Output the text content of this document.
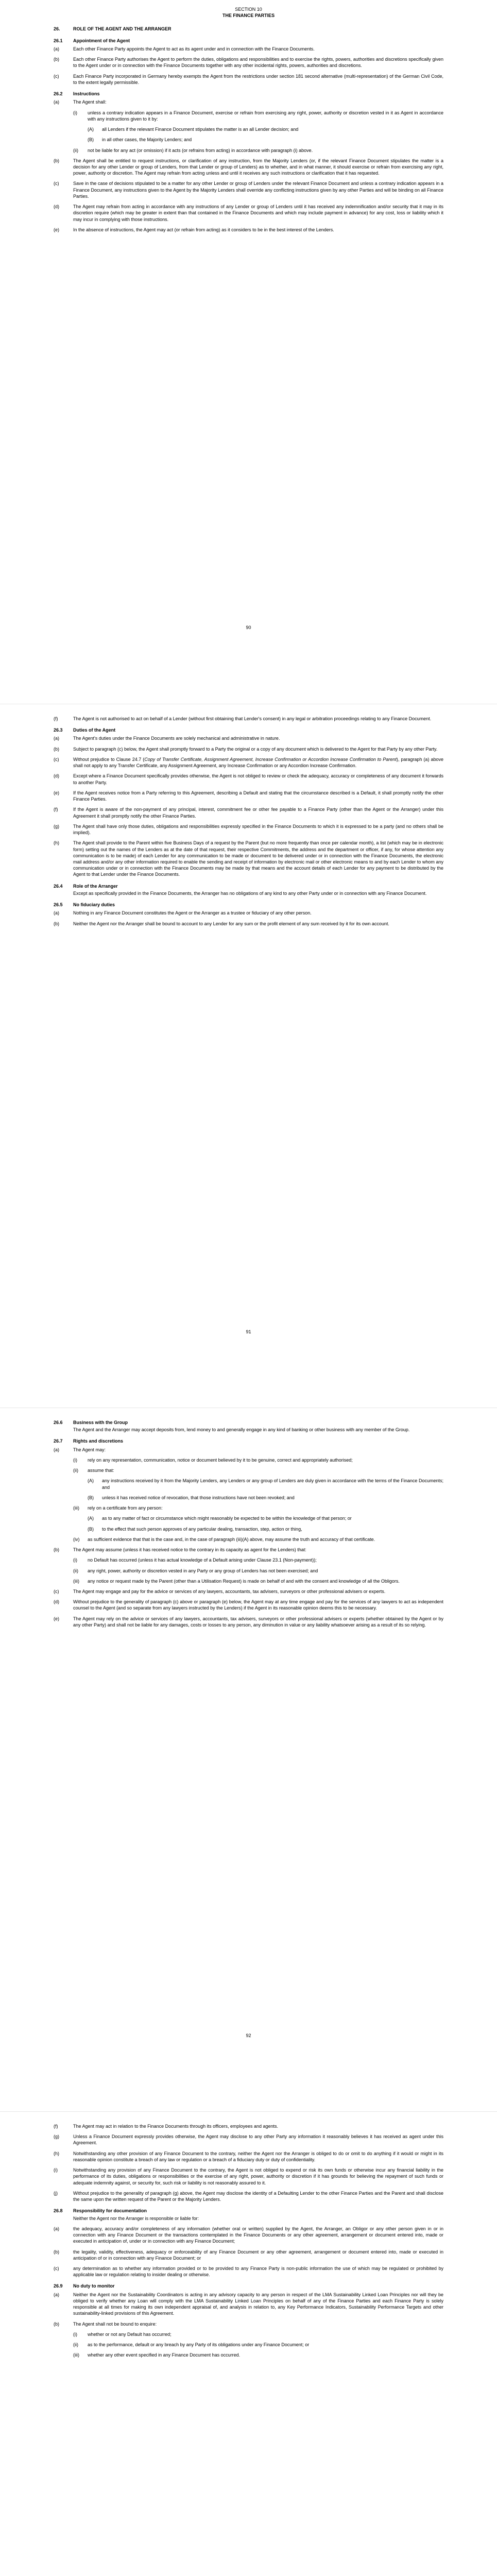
SECTION 10

THE FINANCE PARTIES

26.	ROLE OF THE AGENT AND THE ARRANGER
26.1	Appointment of the Agent
(a)	Each other Finance Party appoints the Agent to act as its agent under and in connection with the Finance Documents.
(b)	Each other Finance Party authorises the Agent to perform the duties, obligations and responsibilities and to exercise the rights, powers, authorities and discretions specifically given to the Agent under or in connection with the Finance Documents together with any other incidental rights, powers, authorities and discretions.
(c)	Each Finance Party incorporated in Germany hereby exempts the Agent from the restrictions under section 181 second alternative (multi-representation) of the German Civil Code, to the extent legally permissible.
26.2	Instructions
(a)	The Agent shall:
(i)	unless a contrary indication appears in a Finance Document, exercise or refrain from exercising any right, power, authority or discretion vested in it as Agent in accordance with any instructions given to it by:
(A)	all Lenders if the relevant Finance Document stipulates the matter is an all Lender decision; and
(B)	in all other cases, the Majority Lenders; and
(ii)	not be liable for any act (or omission) if it acts (or refrains from acting) in accordance with paragraph (i) above.
(b)	The Agent shall be entitled to request instructions, or clarification of any instruction, from the Majority Lenders (or, if the relevant Finance Document stipulates the matter is a decision for any other Lender or group of Lenders, from that Lender or group of Lenders) as to whether, and in what manner, it should exercise or refrain from exercising any right, power, authority or discretion. The Agent may refrain from acting unless and until it receives any such instructions or clarification that it has requested.
(c)	Save in the case of decisions stipulated to be a matter for any other Lender or group of Lenders under the relevant Finance Document and unless a contrary indication appears in a Finance Document, any instructions given to the Agent by the Majority Lenders shall override any conflicting instructions given by any other Parties and will be binding on all Finance Parties.
(d)	The Agent may refrain from acting in accordance with any instructions of any Lender or group of Lenders until it has received any indemnification and/or security that it may in its discretion require (which may be greater in extent than that contained in the Finance Documents and which may include payment in advance) for any cost, loss or liability which it may incur in complying with those instructions.
(e)	In the absence of instructions, the Agent may act (or refrain from acting) as it considers to be in the best interest of the Lenders.
90
(f)	The Agent is not authorised to act on behalf of a Lender (without first obtaining that Lender's consent) in any legal or arbitration proceedings relating to any Finance Document.
26.3	Duties of the Agent
(a)	The Agent's duties under the Finance Documents are solely mechanical and administrative in nature.
(b)	Subject to paragraph (c) below, the Agent shall promptly forward to a Party the original or a copy of any document which is delivered to the Agent for that Party by any other Party.
(c)	Without prejudice to Clause 24.7 (Copy of Transfer Certificate, Assignment Agreement, Increase Confirmation or Accordion Increase Confirmation to Parent), paragraph (a) above shall not apply to any Transfer Certificate, any Assignment Agreement, any Increase Confirmation or any Accordion Increase Confirmation.
(d)	Except where a Finance Document specifically provides otherwise, the Agent is not obliged to review or check the adequacy, accuracy or completeness of any document it forwards to another Party.
(e)	If the Agent receives notice from a Party referring to this Agreement, describing a Default and stating that the circumstance described is a Default, it shall promptly notify the other Finance Parties.
(f)	If the Agent is aware of the non-payment of any principal, interest, commitment fee or other fee payable to a Finance Party (other than the Agent or the Arranger) under this Agreement it shall promptly notify the other Finance Parties.
(g)	The Agent shall have only those duties, obligations and responsibilities expressly specified in the Finance Documents to which it is expressed to be a party (and no others shall be implied).
(h)	The Agent shall provide to the Parent within five Business Days of a request by the Parent (but no more frequently than once per calendar month), a list (which may be in electronic form) setting out the names of the Lenders as at the date of that request, their respective Commitments, the address and the department or officer, if any, for whose attention any communication is to be made) of each Lender for any communication to be made or document to be delivered under or in connection with the Finance Documents, the electronic mail address and/or any other information required to enable the sending and receipt of information by electronic mail or other electronic means to and by each Lender to whom any communication under or in connection with the Finance Documents may be made by that means and the account details of each Lender for any payment to be distributed by the Agent to that Lender under the Finance Documents.
26.4	Role of the Arranger
Except as specifically provided in the Finance Documents, the Arranger has no obligations of any kind to any other Party under or in connection with any Finance Document.
26.5	No fiduciary duties
(a)	Nothing in any Finance Document constitutes the Agent or the Arranger as a trustee or fiduciary of any other person.
(b)	Neither the Agent nor the Arranger shall be bound to account to any Lender for any sum or the profit element of any sum received by it for its own account.
91
26.6	Business with the Group
The Agent and the Arranger may accept deposits from, lend money to and generally engage in any kind of banking or other business with any member of the Group.
26.7	Rights and discretions
(a)	The Agent may:
(i)	rely on any representation, communication, notice or document believed by it to be genuine, correct and appropriately authorised;
(ii)	assume that:
(A)	any instructions received by it from the Majority Lenders, any Lenders or any group of Lenders are duly given in accordance with the terms of the Finance Documents; and
(B)	unless it has received notice of revocation, that those instructions have not been revoked; and
(iii)	rely on a certificate from any person:
(A)	as to any matter of fact or circumstance which might reasonably be expected to be within the knowledge of that person; or
(B)	to the effect that such person approves of any particular dealing, transaction, step, action or thing,
(iv)	as sufficient evidence that that is the case and, in the case of paragraph (iii)(A) above, may assume the truth and accuracy of that certificate.
(b)	The Agent may assume (unless it has received notice to the contrary in its capacity as agent for the Lenders) that:
(i)	no Default has occurred (unless it has actual knowledge of a Default arising under Clause 23.1 (Non-payment));
(ii)	any right, power, authority or discretion vested in any Party or any group of Lenders has not been exercised; and
(iii)	any notice or request made by the Parent (other than a Utilisation Request) is made on behalf of and with the consent and knowledge of all the Obligors.
(c)	The Agent may engage and pay for the advice or services of any lawyers, accountants, tax advisers, surveyors or other professional advisers or experts.
(d)	Without prejudice to the generality of paragraph (c) above or paragraph (e) below, the Agent may at any time engage and pay for the services of any lawyers to act as independent counsel to the Agent (and so separate from any lawyers instructed by the Lenders) if the Agent in its reasonable opinion deems this to be necessary.
(e)	The Agent may rely on the advice or services of any lawyers, accountants, tax advisers, surveyors or other professional advisers or experts (whether obtained by the Agent or by any other Party) and shall not be liable for any damages, costs or losses to any person, any diminution in value or any liability whatsoever arising as a result of its so relying.
92
(f)	The Agent may act in relation to the Finance Documents through its officers, employees and agents.
(g)	Unless a Finance Document expressly provides otherwise, the Agent may disclose to any other Party any information it reasonably believes it has received as agent under this Agreement.
(h)	Notwithstanding any other provision of any Finance Document to the contrary, neither the Agent nor the Arranger is obliged to do or omit to do anything if it would or might in its reasonable opinion constitute a breach of any law or regulation or a breach of a fiduciary duty or duty of confidentiality.
(i)	Notwithstanding any provision of any Finance Document to the contrary, the Agent is not obliged to expend or risk its own funds or otherwise incur any financial liability in the performance of its duties, obligations or responsibilities or the exercise of any right, power, authority or discretion if it has grounds for believing the repayment of such funds or adequate indemnity against, or security for, such risk or liability is not reasonably assured to it.
(j)	Without prejudice to the generality of paragraph (g) above, the Agent may disclose the identity of a Defaulting Lender to the other Finance Parties and the Parent and shall disclose the same upon the written request of the Parent or the Majority Lenders.
26.8	Responsibility for documentation
Neither the Agent nor the Arranger is responsible or liable for:
(a)	the adequacy, accuracy and/or completeness of any information (whether oral or written) supplied by the Agent, the Arranger, an Obligor or any other person given in or in connection with any Finance Document or the transactions contemplated in the Finance Documents or any other agreement, arrangement or document entered into, made or executed in anticipation of, under or in connection with any Finance Document;
(b)	the legality, validity, effectiveness, adequacy or enforceability of any Finance Document or any other agreement, arrangement or document entered into, made or executed in anticipation of or in connection with any Finance Document; or
(c)	any determination as to whether any information provided or to be provided to any Finance Party is non-public information the use of which may be regulated or prohibited by applicable law or regulation relating to insider dealing or otherwise.
26.9	No duty to monitor
(a)	Neither the Agent nor the Sustainability Coordinators is acting in any advisory capacity to any person in respect of the LMA Sustainability Linked Loan Principles nor will they be obliged to verify whether any Loan will comply with the LMA Sustainability Linked Loan Principles on behalf of any of the Finance Parties and each Finance Party is solely responsible at all times for making its own independent appraisal of, and analysis in relation to, any Key Performance Indicators, Sustainability Performance Targets and other sustainability-linked provisions of this Agreement.
(b)	The Agent shall not be bound to enquire:
(i)	whether or not any Default has occurred;
(ii)	as to the performance, default or any breach by any Party of its obligations under any Finance Document; or
(iii)	whether any other event specified in any Finance Document has occurred.
